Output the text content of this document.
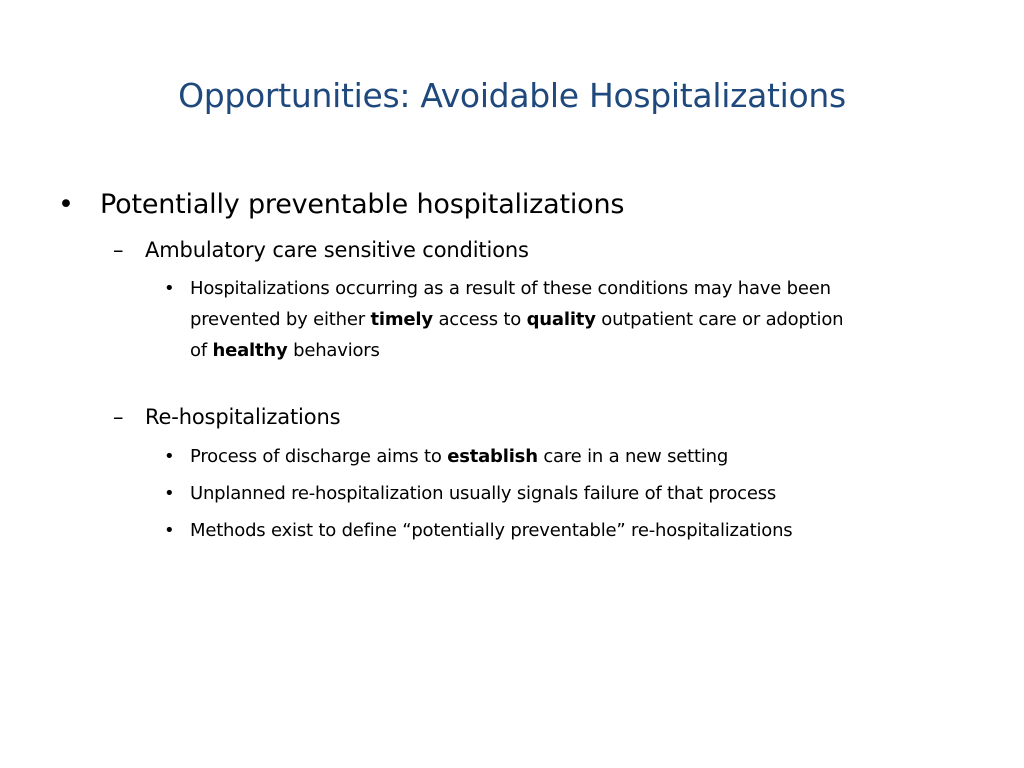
Opportunities: Avoidable Hospitalizations
• Potentially preventable hospitalizations
– Ambulatory care sensitive conditions
• Hospitalizations occurring as a result of these conditions may have been
prevented by either timely access to quality outpatient care or adoption
of healthy behaviors
– Re-hospitalizations
• Process of discharge aims to establish care in a new setting
• Unplanned re-hospitalization usually signals failure of that process
• Methods exist to define “potentially preventable” re-hospitalizations
